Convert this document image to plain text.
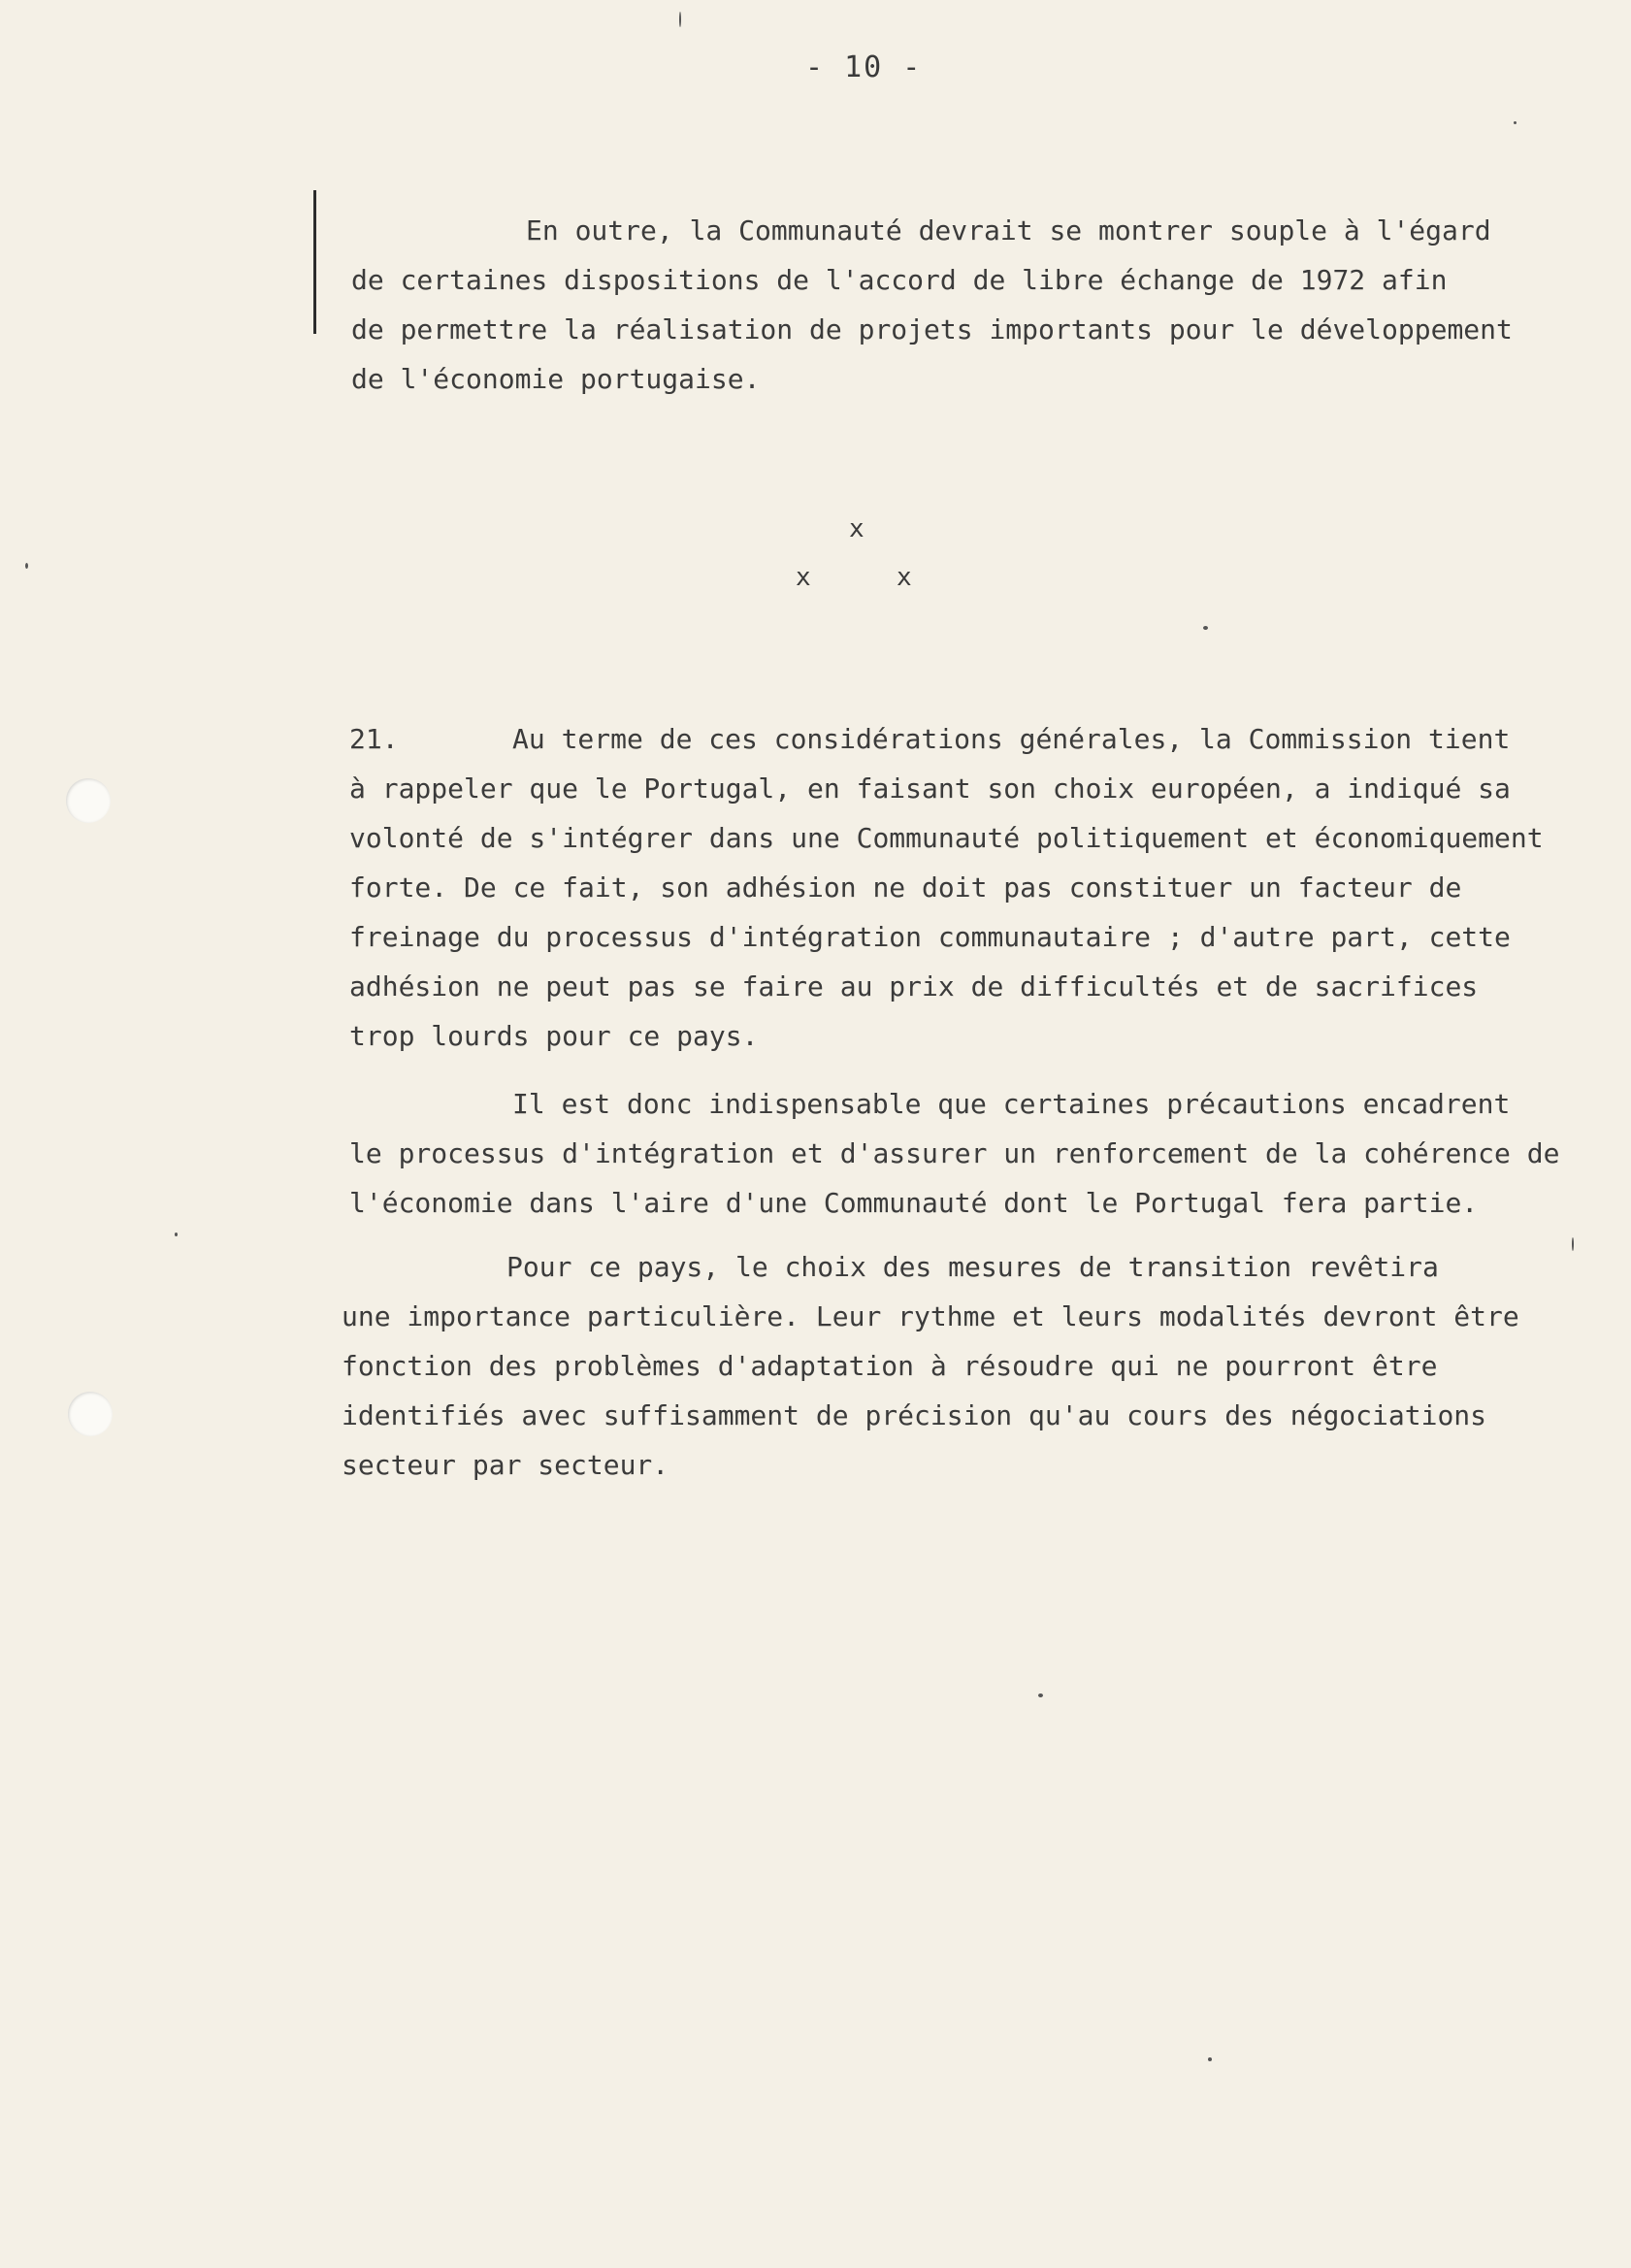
- 10 -

En outre, la Communauté devrait se montrer souple à l'égard
de certaines dispositions de l'accord de libre échange de 1972 afin
de permettre la réalisation de projets importants pour le développement
de l'économie portugaise.

x
x	x

21.	Au terme de ces considérations générales, la Commission tient
à rappeler que le Portugal, en faisant son choix européen, a indiqué sa
volonté de s'intégrer dans une Communauté politiquement et économiquement
forte. De ce fait, son adhésion ne doit pas constituer un facteur de
freinage du processus d'intégration communautaire ; d'autre part, cette
adhésion ne peut pas se faire au prix de difficultés et de sacrifices
trop lourds pour ce pays.

Il est donc indispensable que certaines précautions encadrent
le processus d'intégration et d'assurer un renforcement de la cohérence de
l'économie dans l'aire d'une Communauté dont le Portugal fera partie.

Pour ce pays, le choix des mesures de transition revêtira
une importance particulière. Leur rythme et leurs modalités devront être
fonction des problèmes d'adaptation à résoudre qui ne pourront être
identifiés avec suffisamment de précision qu'au cours des négociations
secteur par secteur.
